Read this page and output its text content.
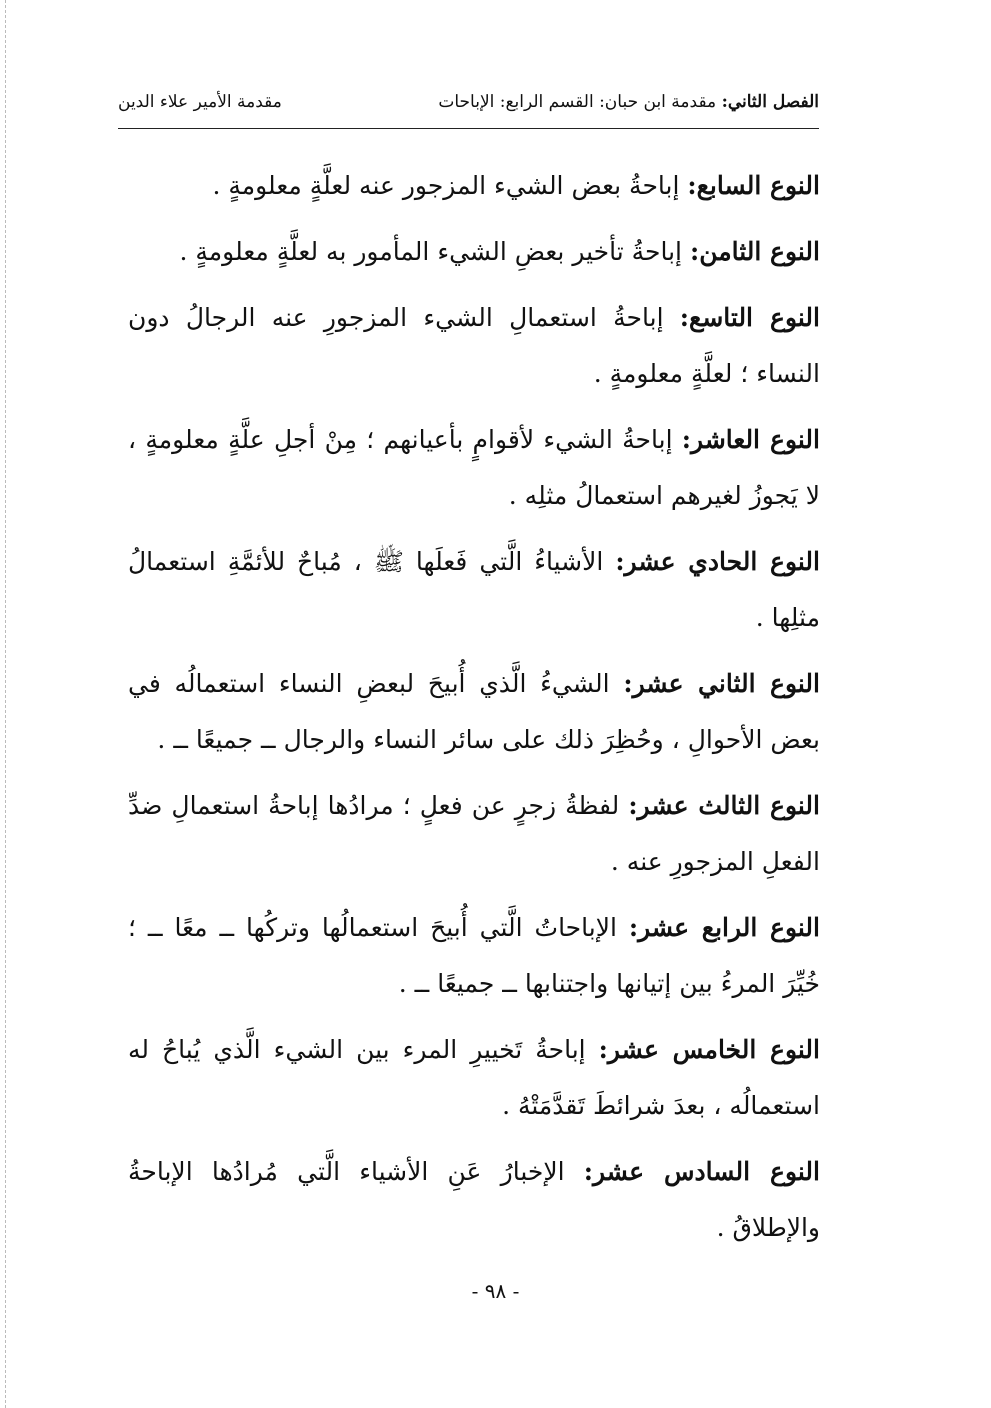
الفصل الثاني: مقدمة ابن حبان: القسم الرابع: الإباحات
مقدمة الأمير علاء الدين

النوع السابع: إباحةُ بعض الشيء المزجور عنه لعلَّةٍ معلومةٍ .

النوع الثامن: إباحةُ تأخير بعضِ الشيء المأمور به لعلَّةٍ معلومةٍ .

النوع التاسع: إباحةُ استعمالِ الشيء المزجورِ عنه الرجالُ دون النساء ؛ لعلَّةٍ معلومةٍ .

النوع العاشر: إباحةُ الشيء لأقوامٍ بأعيانهم ؛ مِنْ أجلِ علَّةٍ معلومةٍ ، لا يَجوزُ لغيرهم استعمالُ مثلِه .

النوع الحادي عشر: الأشياءُ الَّتي فَعلَها ﷺ ، مُباحٌ للأئمَّةِ استعمالُ مثلِها .

النوع الثاني عشر: الشيءُ الَّذي أُبيحَ لبعضِ النساء استعمالُه في بعض الأحوالِ ، وحُظِرَ ذلك على سائر النساء والرجال ــ جميعًا ــ .

النوع الثالث عشر: لفظةُ زجرٍ عن فعلٍ ؛ مرادُها إباحةُ استعمالِ ضدِّ الفعلِ المزجورِ عنه .

النوع الرابع عشر: الإباحاتُ الَّتي أُبيحَ استعمالُها وتركُها ــ معًا ــ ؛ خُيِّرَ المرءُ بين إتيانها واجتنابها ــ جميعًا ــ .

النوع الخامس عشر: إباحةُ تَخييرِ المرء بين الشيء الَّذي يُباحُ له استعمالُه ، بعدَ شرائطَ تَقدَّمَتْهُ .

النوع السادس عشر: الإخبارُ عَنِ الأشياء الَّتي مُرادُها الإباحةُ والإطلاقُ .

- ٩٨ -
